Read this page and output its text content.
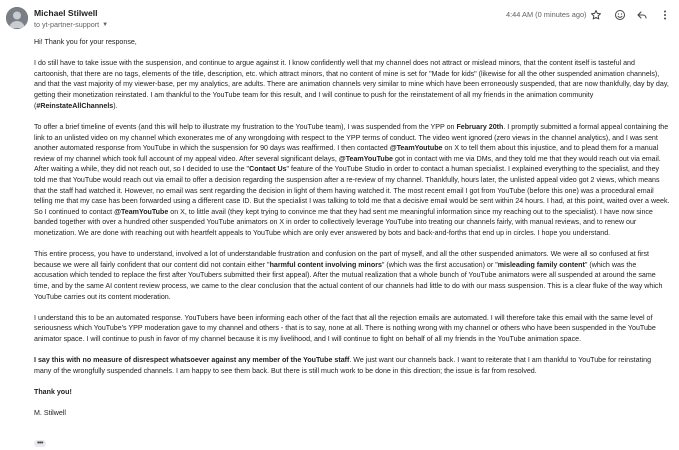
Michael Stilwell
to yt-partner-support ▼
4:44 AM (0 minutes ago)

Hi! Thank you for your response,

I do still have to take issue with the suspension, and continue to argue against it. I know confidently well that my channel does not attract or mislead minors, that the content itself is tasteful and cartoonish, that there are no tags, elements of the title, description, etc. which attract minors, that no content of mine is set for "Made for kids" (likewise for all the other suspended animation channels), and that the vast majority of my viewer-base, per my analytics, are adults. There are animation channels very similar to mine which have been erroneously suspended, that are now thankfully, day by day, getting their monetization reinstated. I am thankful to the YouTube team for this result, and I will continue to push for the reinstatement of all my friends in the animation community (#ReinstateAllChannels).

To offer a brief timeline of events (and this will help to illustrate my frustration to the YouTube team), I was suspended from the YPP on February 20th. I promptly submitted a formal appeal containing the link to an unlisted video on my channel which exonerates me of any wrongdoing with respect to the YPP terms of conduct. The video went ignored (zero views in the channel analytics), and I was sent another automated response from YouTube in which the suspension for 90 days was reaffirmed. I then contacted @TeamYoutube on X to tell them about this injustice, and to plead them for a manual review of my channel which took full account of my appeal video. After several significant delays, @TeamYouTube got in contact with me via DMs, and they told me that they would reach out via email. After waiting a while, they did not reach out, so I decided to use the "Contact Us" feature of the YouTube Studio in order to contact a human specialist. I explained everything to the specialist, and they told me that YouTube would reach out via email to offer a decision regarding the suspension after a re-review of my channel. Thankfully, hours later, the unlisted appeal video got 2 views, which means that the staff had watched it. However, no email was sent regarding the decision in light of them having watched it. The most recent email I got from YouTube (before this one) was a procedural email telling me that my case has been forwarded using a different case ID. But the specialist I was talking to told me that a decisive email would be sent within 24 hours. I had, at this point, waited over a week. So I continued to contact @TeamYouTube on X, to little avail (they kept trying to convince me that they had sent me meaningful information since my reaching out to the specialist). I have now since banded together with over a hundred other suspended YouTube animators on X in order to collectively leverage YouTube into treating our channels fairly, with manual reviews, and to renew our monetization. We are done with reaching out with heartfelt appeals to YouTube which are only ever answered by bots and back-and-forths that end up in circles. I hope you understand.

This entire process, you have to understand, involved a lot of understandable frustration and confusion on the part of myself, and all the other suspended animators. We were all so confused at first because we were all fairly confident that our content did not contain either "harmful content involving minors" (which was the first accusation) or "misleading family content" (which was the accusation which tended to replace the first after YouTubers submitted their first appeal). After the mutual realization that a whole bunch of YouTube animators were all suspended at around the same time, and by the same AI content review process, we came to the clear conclusion that the actual content of our channels had little to do with our mass suspension. This is a clear fluke of the way which YouTube carries out its content moderation.

I understand this to be an automated response. YouTubers have been informing each other of the fact that all the rejection emails are automated. I will therefore take this email with the same level of seriousness which YouTube's YPP moderation gave to my channel and others - that is to say, none at all. There is nothing wrong with my channel or others who have been suspended in the YouTube animator space. I will continue to push in favor of my channel because it is my livelihood, and I will continue to fight on behalf of all my friends in the YouTube animation space.

I say this with no measure of disrespect whatsoever against any member of the YouTube staff. We just want our channels back. I want to reiterate that I am thankful to YouTube for reinstating many of the wrongfully suspended channels. I am happy to see them back. But there is still much work to be done in this direction; the issue is far from resolved.

Thank you!

M. Stilwell

•••
